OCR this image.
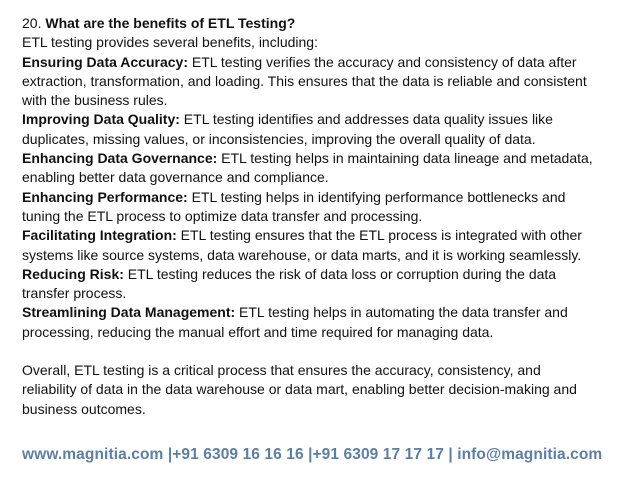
20. What are the benefits of ETL Testing?
ETL testing provides several benefits, including:
Ensuring Data Accuracy: ETL testing verifies the accuracy and consistency of data after
extraction, transformation, and loading. This ensures that the data is reliable and consistent
with the business rules.
Improving Data Quality: ETL testing identifies and addresses data quality issues like
duplicates, missing values, or inconsistencies, improving the overall quality of data.
Enhancing Data Governance: ETL testing helps in maintaining data lineage and metadata,
enabling better data governance and compliance.
Enhancing Performance: ETL testing helps in identifying performance bottlenecks and
tuning the ETL process to optimize data transfer and processing.
Facilitating Integration: ETL testing ensures that the ETL process is integrated with other
systems like source systems, data warehouse, or data marts, and it is working seamlessly.
Reducing Risk: ETL testing reduces the risk of data loss or corruption during the data
transfer process.
Streamlining Data Management: ETL testing helps in automating the data transfer and
processing, reducing the manual effort and time required for managing data.
Overall, ETL testing is a critical process that ensures the accuracy, consistency, and
reliability of data in the data warehouse or data mart, enabling better decision-making and
business outcomes.
www.magnitia.com |+91 6309 16 16 16 |+91 6309 17 17 17 | info@magnitia.com
